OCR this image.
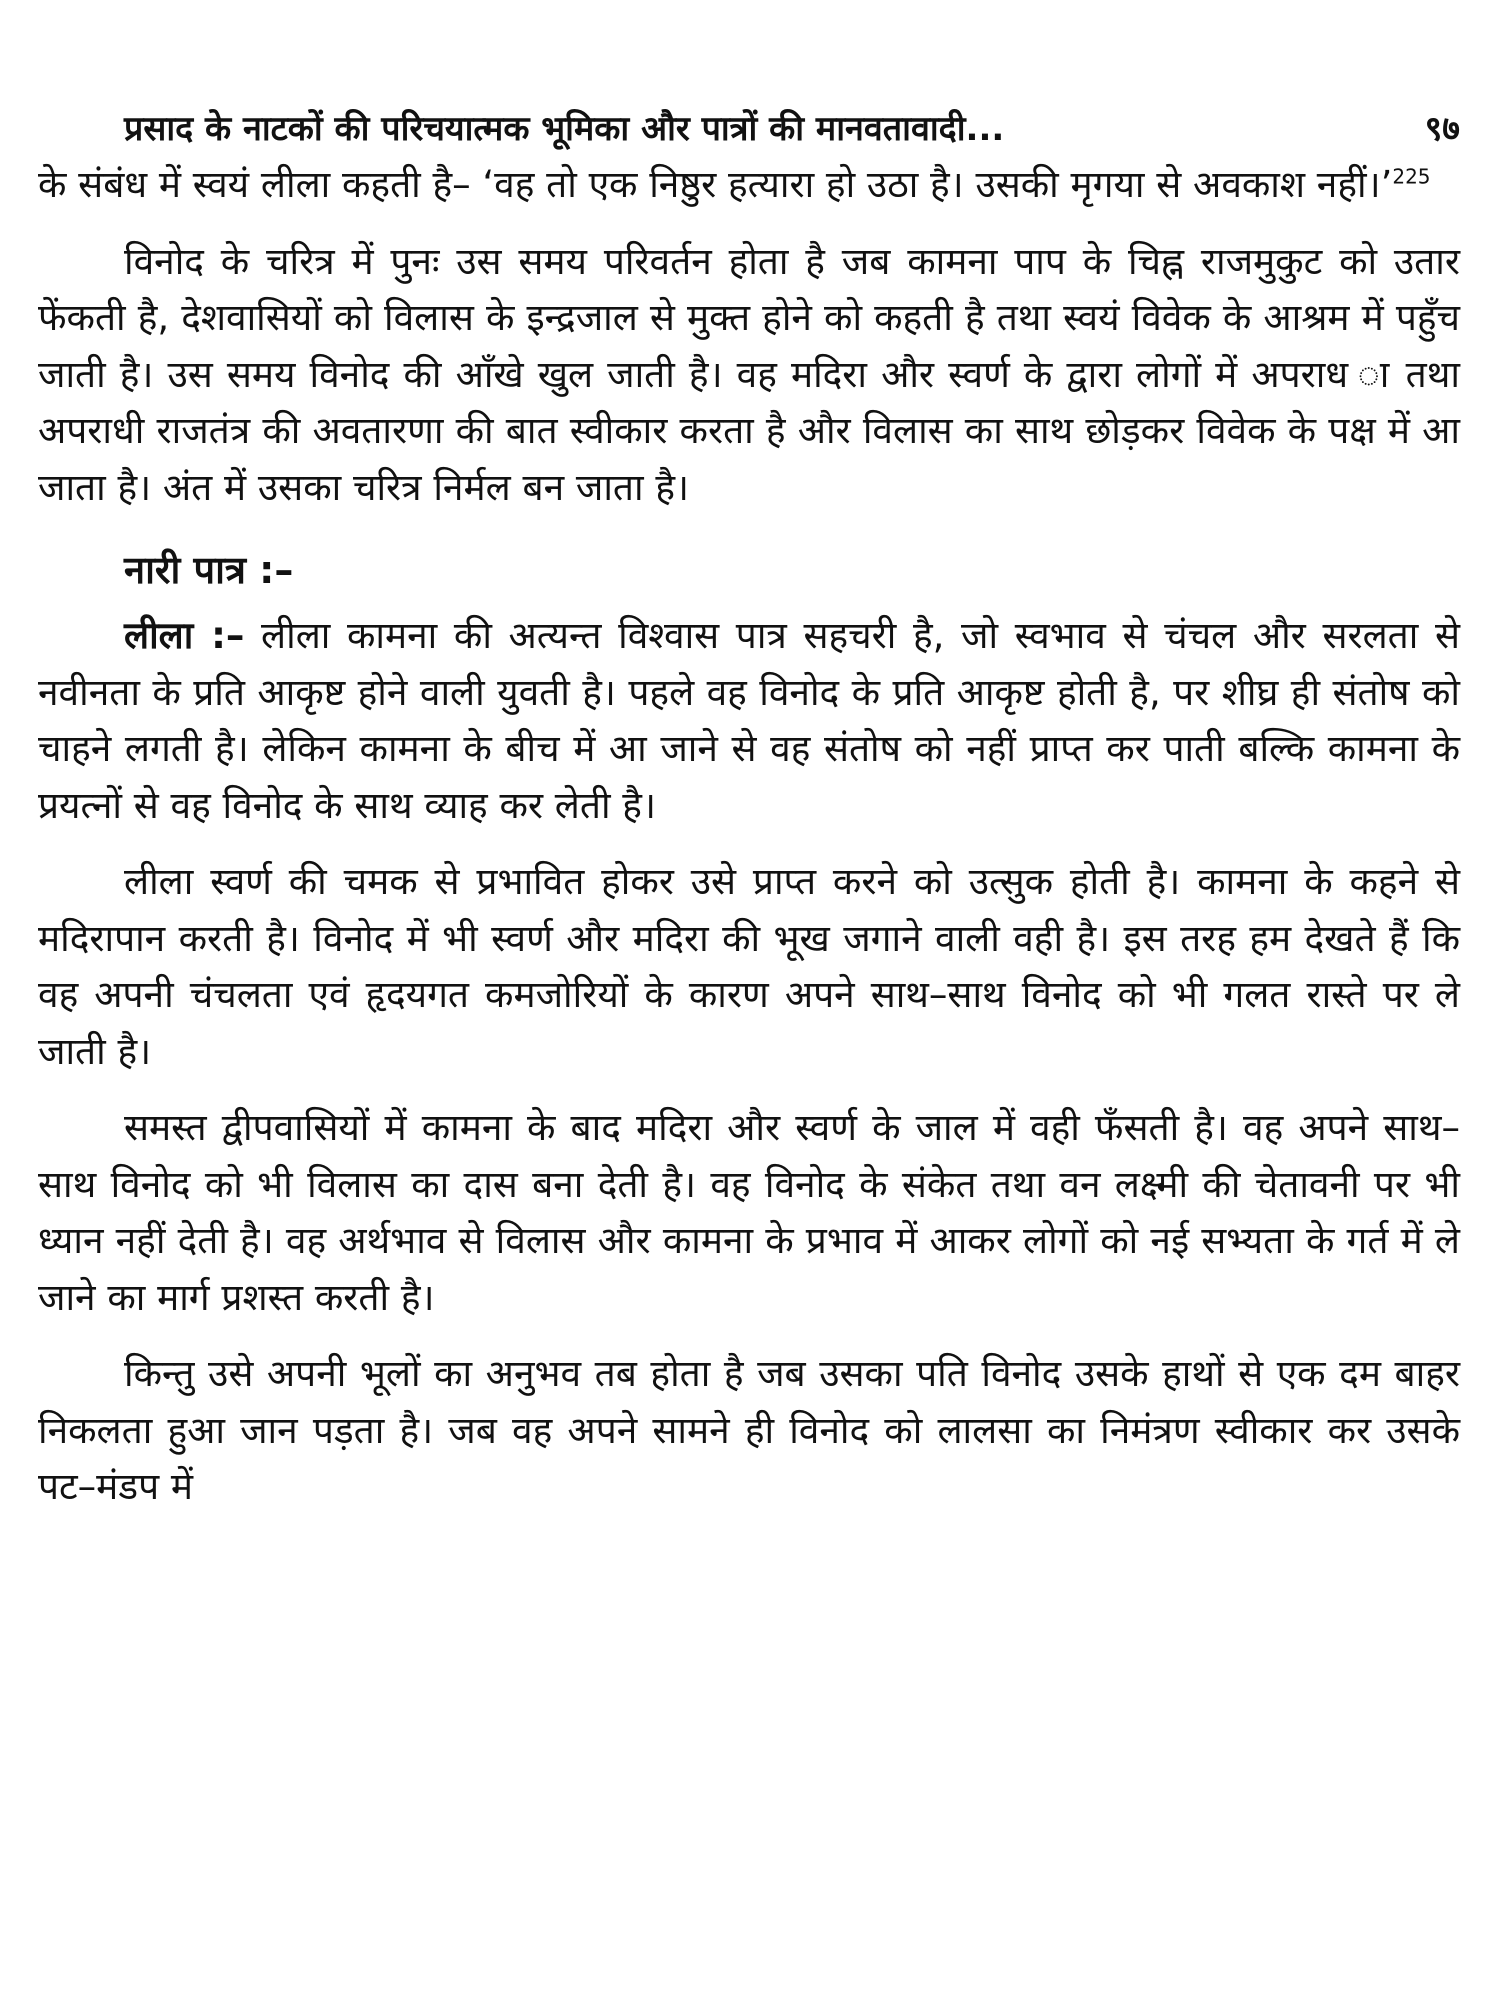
प्रसाद के नाटकों की परिचयात्मक भूमिका और पात्रों की मानवतावादी...	९७

के संबंध में स्वयं लीला कहती है– ‘वह तो एक निष्ठुर हत्यारा हो उठा है। उसकी मृगया से अवकाश नहीं।’$^{225}$

विनोद के चरित्र में पुनः उस समय परिवर्तन होता है जब कामना पाप के चिह्न राजमुकुट को उतार फेंकती है, देशवासियों को विलास के इन्द्रजाल से मुक्त होने को कहती है तथा स्वयं विवेक के आश्रम में पहुँच जाती है। उस समय विनोद की आँखे खुल जाती है। वह मदिरा और स्वर्ण के द्वारा लोगों में अपराध ा तथा अपराधी राजतंत्र की अवतारणा की बात स्वीकार करता है और विलास का साथ छोड़कर विवेक के पक्ष में आ जाता है। अंत में उसका चरित्र निर्मल बन जाता है।

नारी पात्र :–

लीला :– लीला कामना की अत्यन्त विश्वास पात्र सहचरी है, जो स्वभाव से चंचल और सरलता से नवीनता के प्रति आकृष्ट होने वाली युवती है। पहले वह विनोद के प्रति आकृष्ट होती है, पर शीघ्र ही संतोष को चाहने लगती है। लेकिन कामना के बीच में आ जाने से वह संतोष को नहीं प्राप्त कर पाती बल्कि कामना के प्रयत्नों से वह विनोद के साथ व्याह कर लेती है।

लीला स्वर्ण की चमक से प्रभावित होकर उसे प्राप्त करने को उत्सुक होती है। कामना के कहने से मदिरापान करती है। विनोद में भी स्वर्ण और मदिरा की भूख जगाने वाली वही है। इस तरह हम देखते हैं कि वह अपनी चंचलता एवं हृदयगत कमजोरियों के कारण अपने साथ–साथ विनोद को भी गलत रास्ते पर ले जाती है।

समस्त द्वीपवासियों में कामना के बाद मदिरा और स्वर्ण के जाल में वही फँसती है। वह अपने साथ–साथ विनोद को भी विलास का दास बना देती है। वह विनोद के संकेत तथा वन लक्ष्मी की चेतावनी पर भी ध्यान नहीं देती है। वह अर्थभाव से विलास और कामना के प्रभाव में आकर लोगों को नई सभ्यता के गर्त में ले जाने का मार्ग प्रशस्त करती है।

किन्तु उसे अपनी भूलों का अनुभव तब होता है जब उसका पति विनोद उसके हाथों से एक दम बाहर निकलता हुआ जान पड़ता है। जब वह अपने सामने ही विनोद को लालसा का निमंत्रण स्वीकार कर उसके पट–मंडप में
